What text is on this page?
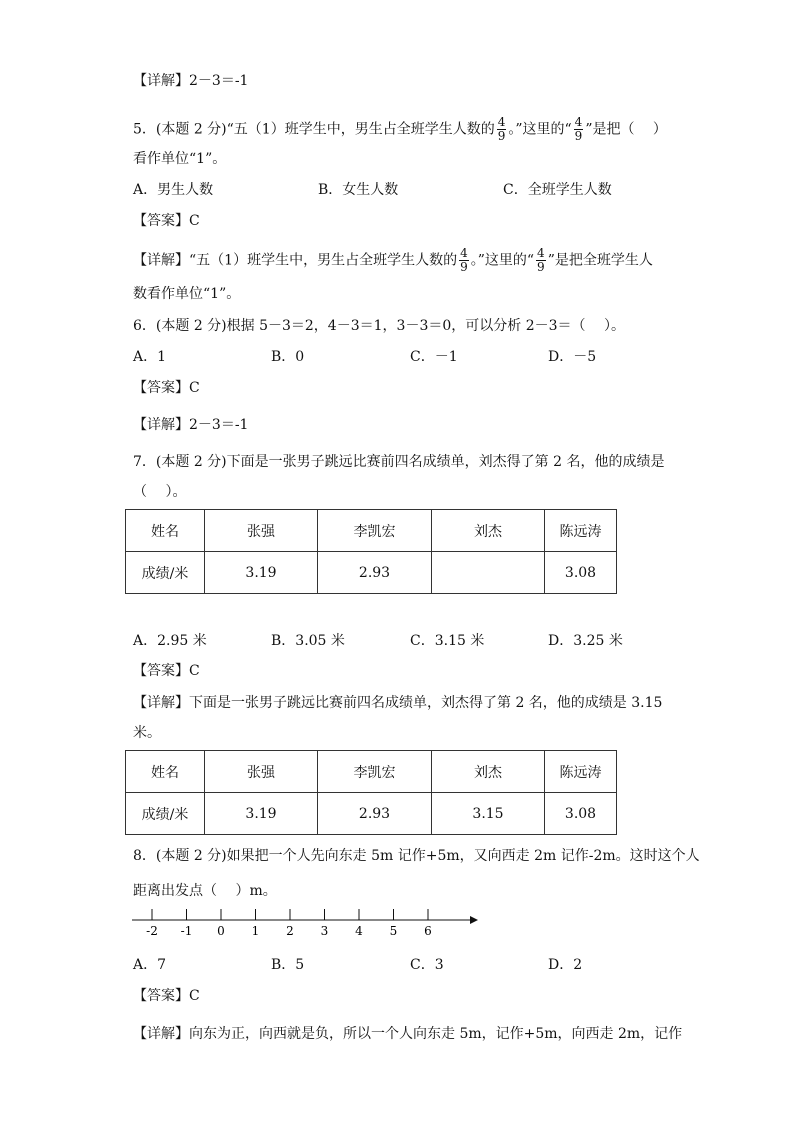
【详解】2－3＝-1
5．(本题 2 分)“五（1）班学生中，男生占全班学生人数的 $\frac{4}{9}$ 。”这里的“ $\frac{4}{9}$ ”是把（　 ）
看作单位“1”。
A．男生人数	B．女生人数	C．全班学生人数
【答案】C
【详解】“五（1）班学生中，男生占全班学生人数的 $\frac{4}{9}$ 。”这里的“ $\frac{4}{9}$ ”是把全班学生人
数看作单位“1”。
6．(本题 2 分)根据 5－3＝2，4－3＝1，3－3＝0，可以分析 2－3＝（　 ）。
A．1	B．0	C．－1	D．－5
【答案】C
【详解】2－3＝-1
7．(本题 2 分)下面是一张男子跳远比赛前四名成绩单，刘杰得了第 2 名，他的成绩是
（　 ）。
姓名	张强	李凯宏	刘杰	陈远涛
成绩/米	3.19	2.93		3.08
A．2.95 米	B．3.05 米	C．3.15 米	D．3.25 米
【答案】C
【详解】下面是一张男子跳远比赛前四名成绩单，刘杰得了第 2 名，他的成绩是 3.15
米。
姓名	张强	李凯宏	刘杰	陈远涛
成绩/米	3.19	2.93	3.15	3.08
8．(本题 2 分)如果把一个人先向东走 5m 记作+5m，又向西走 2m 记作-2m。这时这个人
距离出发点（　 ）m。
-2 -1 0 1 2 3 4 5 6
A．7	B．5	C．3	D．2
【答案】C
【详解】向东为正，向西就是负，所以一个人向东走 5m，记作+5m，向西走 2m，记作
